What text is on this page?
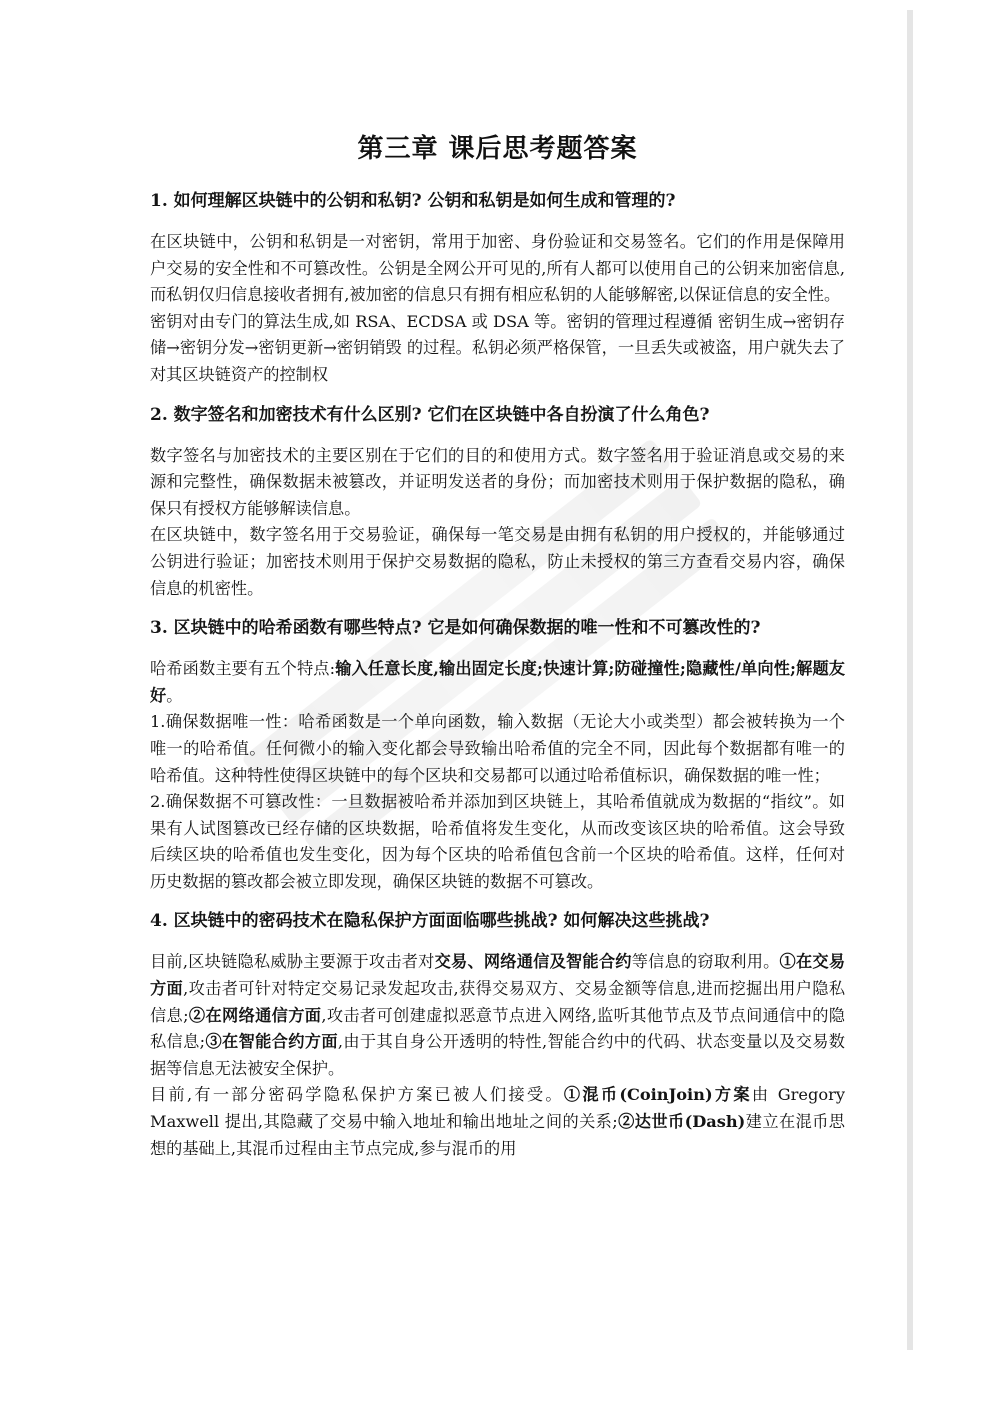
第三章 课后思考题答案
1. 如何理解区块链中的公钥和私钥? 公钥和私钥是如何生成和管理的?

在区块链中，公钥和私钥是一对密钥，常用于加密、身份验证和交易签名。它们的作用是保障用户交易的安全性和不可篡改性。公钥是全网公开可见的,所有人都可以使用自己的公钥来加密信息,而私钥仅归信息接收者拥有,被加密的信息只有拥有相应私钥的人能够解密,以保证信息的安全性。

密钥对由专门的算法生成,如 RSA、ECDSA 或 DSA 等。密钥的管理过程遵循 密钥生成→密钥存储→密钥分发→密钥更新→密钥销毁 的过程。私钥必须严格保管，一旦丢失或被盗，用户就失去了对其区块链资产的控制权

2. 数字签名和加密技术有什么区别? 它们在区块链中各自扮演了什么角色?

数字签名与加密技术的主要区别在于它们的目的和使用方式。数字签名用于验证消息或交易的来源和完整性，确保数据未被篡改，并证明发送者的身份；而加密技术则用于保护数据的隐私，确保只有授权方能够解读信息。

在区块链中，数字签名用于交易验证，确保每一笔交易是由拥有私钥的用户授权的，并能够通过公钥进行验证；加密技术则用于保护交易数据的隐私，防止未授权的第三方查看交易内容，确保信息的机密性。

3. 区块链中的哈希函数有哪些特点? 它是如何确保数据的唯一性和不可篡改性的?

哈希函数主要有五个特点:输入任意长度,输出固定长度;快速计算;防碰撞性;隐藏性/单向性;解题友好。

1.确保数据唯一性：哈希函数是一个单向函数，输入数据（无论大小或类型）都会被转换为一个唯一的哈希值。任何微小的输入变化都会导致输出哈希值的完全不同，因此每个数据都有唯一的哈希值。这种特性使得区块链中的每个区块和交易都可以通过哈希值标识，确保数据的唯一性；

2.确保数据不可篡改性：一旦数据被哈希并添加到区块链上，其哈希值就成为数据的“指纹”。如果有人试图篡改已经存储的区块数据，哈希值将发生变化，从而改变该区块的哈希值。这会导致后续区块的哈希值也发生变化，因为每个区块的哈希值包含前一个区块的哈希值。这样，任何对历史数据的篡改都会被立即发现，确保区块链的数据不可篡改。

4. 区块链中的密码技术在隐私保护方面面临哪些挑战? 如何解决这些挑战?

目前,区块链隐私威胁主要源于攻击者对交易、网络通信及智能合约等信息的窃取利用。①在交易方面,攻击者可针对特定交易记录发起攻击,获得交易双方、交易金额等信息,进而挖掘出用户隐私信息;②在网络通信方面,攻击者可创建虚拟恶意节点进入网络,监听其他节点及节点间通信中的隐私信息;③在智能合约方面,由于其自身公开透明的特性,智能合约中的代码、状态变量以及交易数据等信息无法被安全保护。

目前,有一部分密码学隐私保护方案已被人们接受。①混币(CoinJoin)方案由 Gregory Maxwell 提出,其隐藏了交易中输入地址和输出地址之间的关系;②达世币(Dash)建立在混币思想的基础上,其混币过程由主节点完成,参与混币的用
